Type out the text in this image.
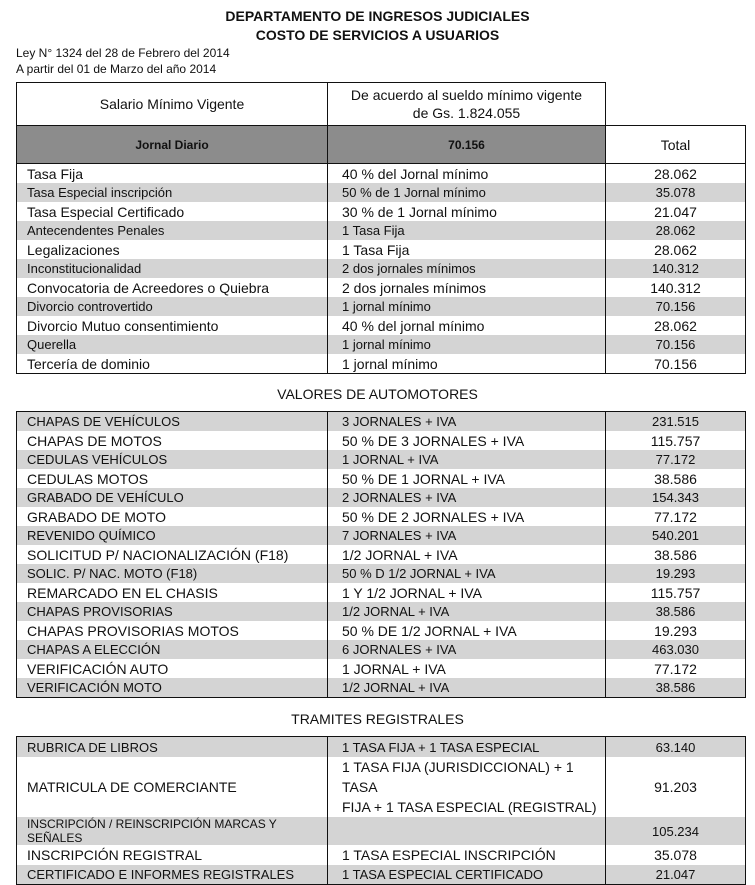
DEPARTAMENTO DE INGRESOS JUDICIALES
COSTO DE SERVICIOS A USUARIOS
Ley N° 1324 del 28 de Febrero del 2014
A partir del 01 de Marzo del año 2014
Salario Mínimo Vigente	De acuerdo al sueldo mínimo vigente
de Gs. 1.824.055	
Jornal Diario	70.156	Total
Tasa Fija	40 % del Jornal mínimo	28.062
Tasa Especial inscripción	50 % de 1 Jornal mínimo	35.078
Tasa Especial Certificado	30 % de 1 Jornal mínimo	21.047
Antecendentes Penales	1 Tasa Fija	28.062
Legalizaciones	1 Tasa Fija	28.062
Inconstitucionalidad	2 dos jornales mínimos	140.312
Convocatoria de Acreedores o Quiebra	2 dos jornales mínimos	140.312
Divorcio controvertido	1 jornal mínimo	70.156
Divorcio Mutuo consentimiento	40 % del jornal mínimo	28.062
Querella	1 jornal mínimo	70.156
Tercería de dominio	1 jornal mínimo	70.156
VALORES DE AUTOMOTORES
CHAPAS DE VEHÍCULOS	3 JORNALES + IVA	231.515
CHAPAS DE MOTOS	50 % DE 3 JORNALES + IVA	115.757
CEDULAS VEHÍCULOS	1 JORNAL + IVA	77.172
CEDULAS MOTOS	50 % DE 1 JORNAL + IVA	38.586
GRABADO DE VEHÍCULO	2 JORNALES + IVA	154.343
GRABADO DE MOTO	50 % DE 2 JORNALES + IVA	77.172
REVENIDO QUÍMICO	7 JORNALES + IVA	540.201
SOLICITUD P/ NACIONALIZACIÓN (F18)	1/2 JORNAL + IVA	38.586
SOLIC. P/ NAC. MOTO (F18)	50 % D 1/2 JORNAL + IVA	19.293
REMARCADO EN EL CHASIS	1 Y 1/2 JORNAL + IVA	115.757
CHAPAS PROVISORIAS	1/2 JORNAL + IVA	38.586
CHAPAS PROVISORIAS MOTOS	50 % DE 1/2 JORNAL + IVA	19.293
CHAPAS A ELECCIÓN	6 JORNALES + IVA	463.030
VERIFICACIÓN AUTO	1 JORNAL + IVA	77.172
VERIFICACIÓN MOTO	1/2 JORNAL + IVA	38.586
TRAMITES REGISTRALES
RUBRICA DE LIBROS	1 TASA FIJA + 1 TASA ESPECIAL	63.140
MATRICULA DE COMERCIANTE	1 TASA FIJA (JURISDICCIONAL) + 1 TASA
FIJA + 1 TASA ESPECIAL (REGISTRAL)	91.203
INSCRIPCIÓN / REINSCRIPCIÓN MARCAS Y SEÑALES		105.234
INSCRIPCIÓN REGISTRAL	1 TASA ESPECIAL INSCRIPCIÓN	35.078
CERTIFICADO E INFORMES REGISTRALES	1 TASA ESPECIAL CERTIFICADO	21.047
